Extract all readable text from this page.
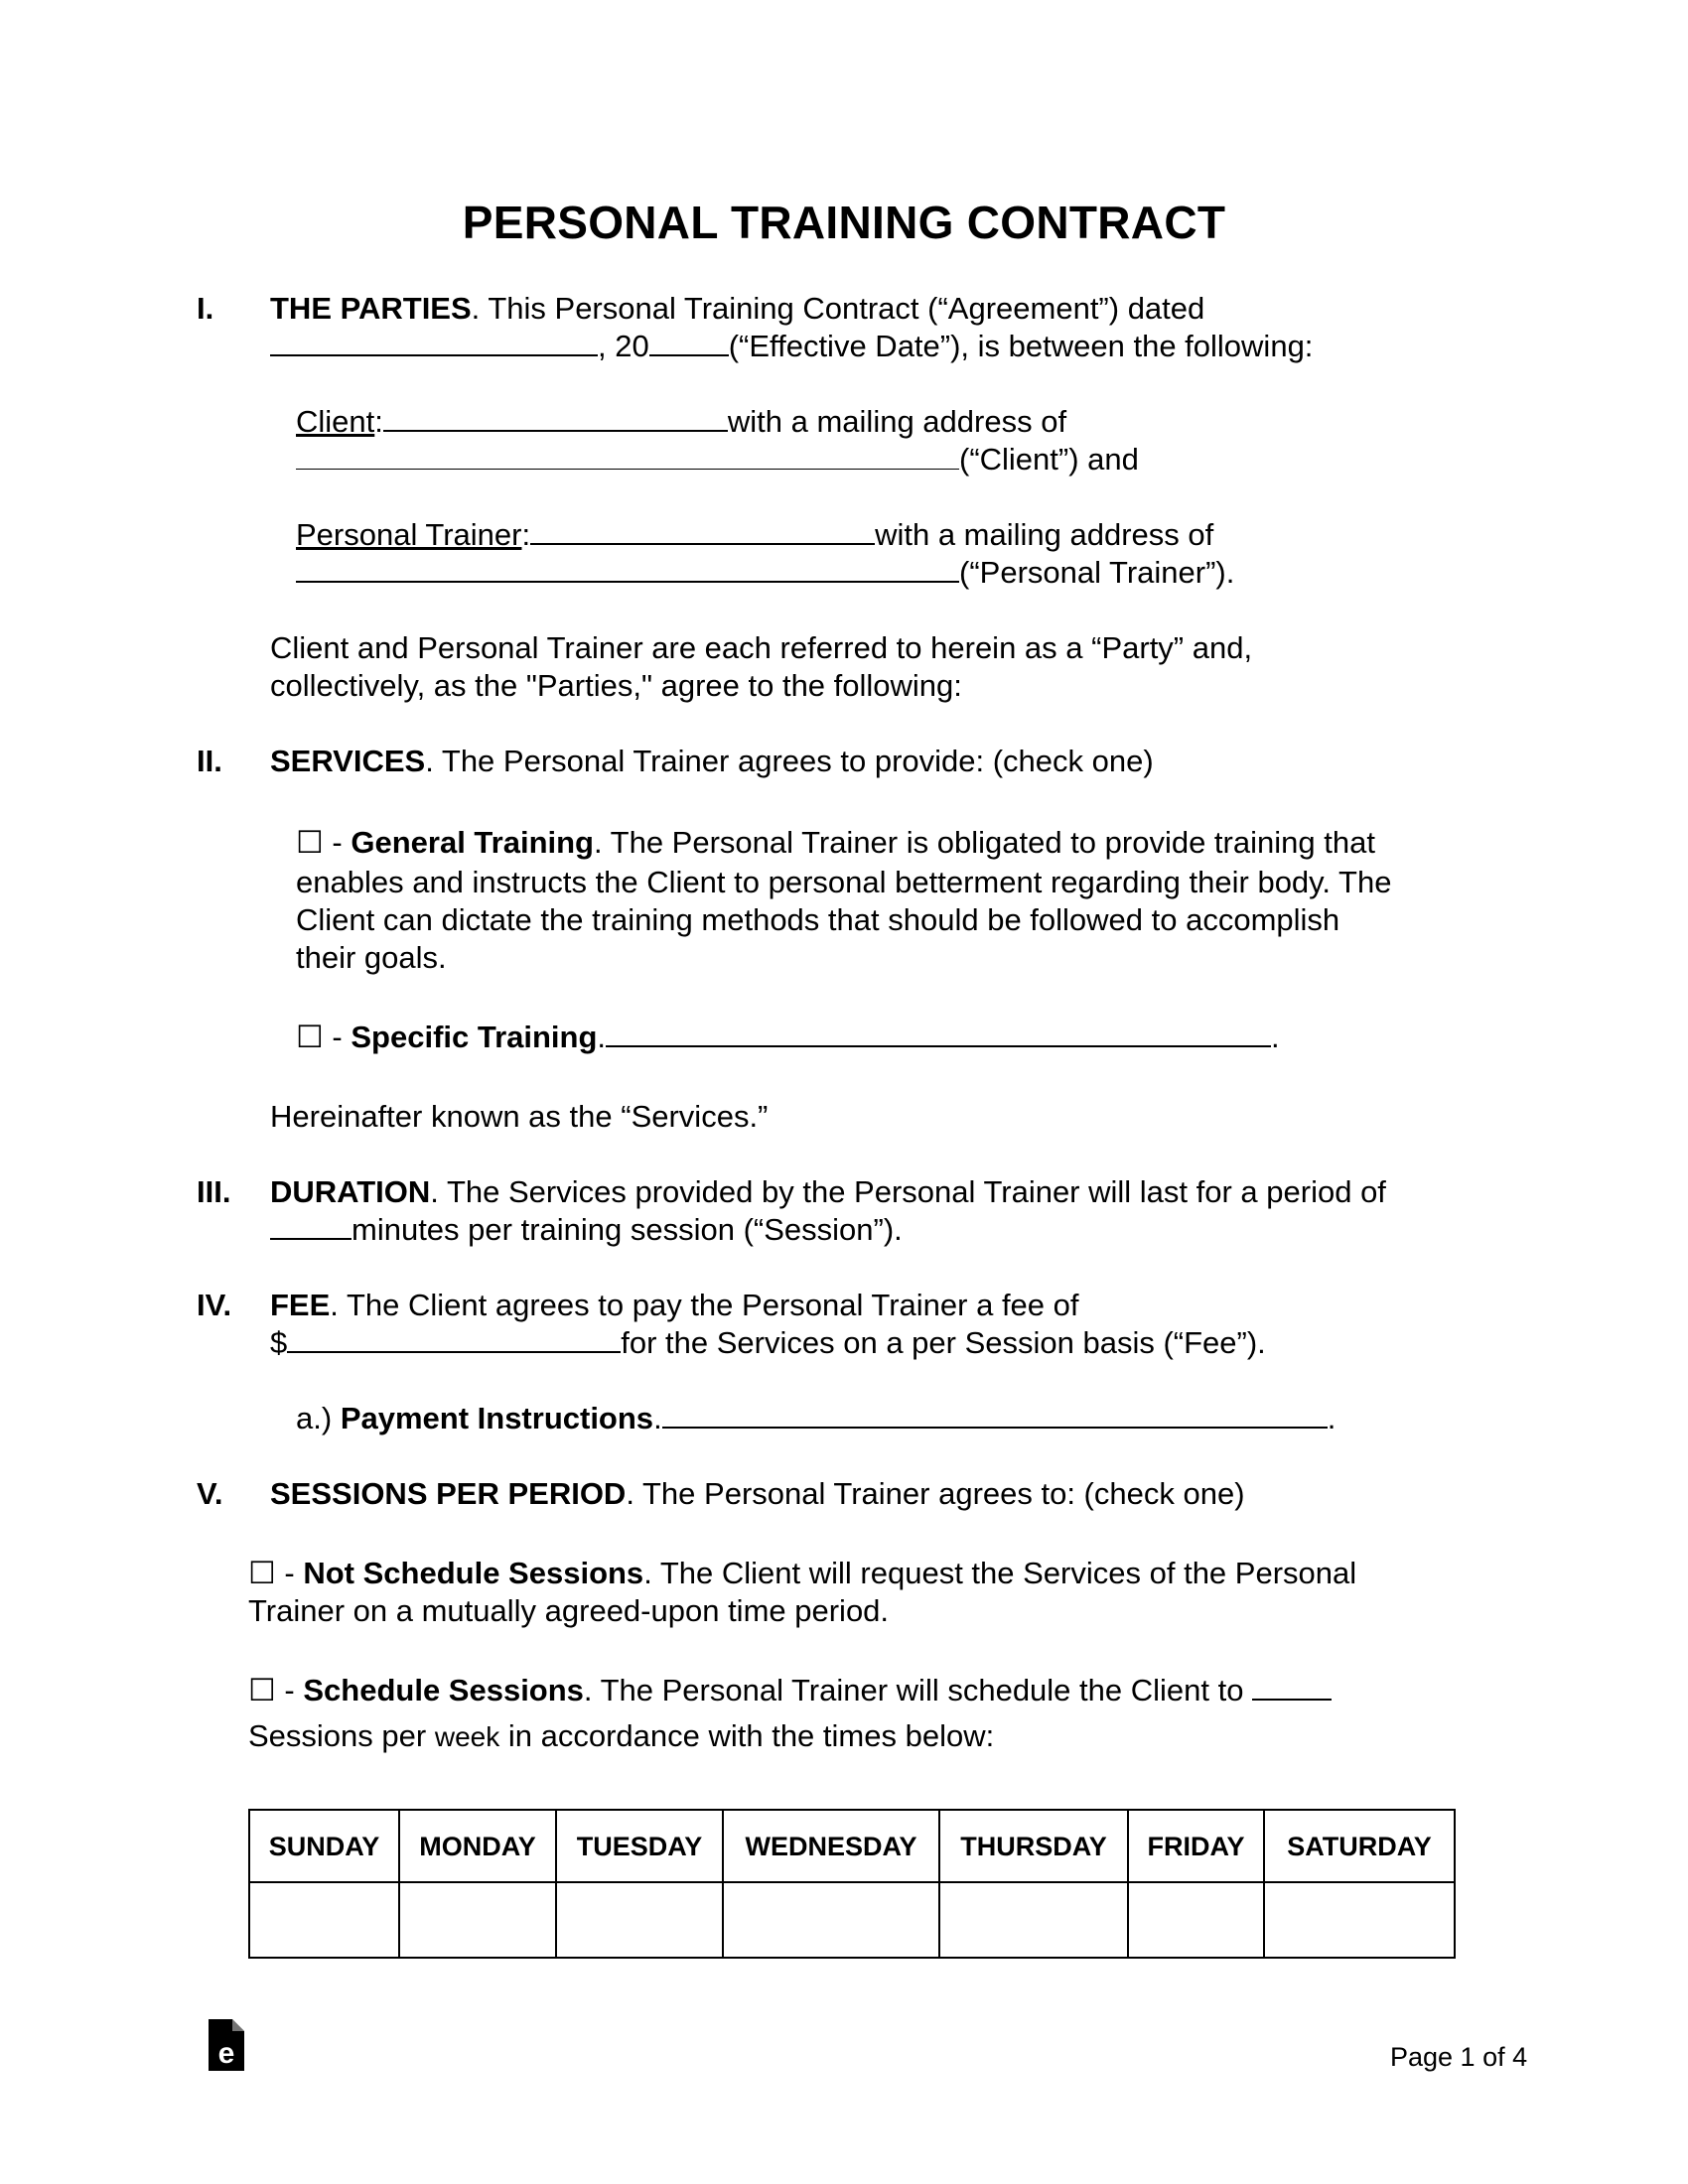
PERSONAL TRAINING CONTRACT
I. THE PARTIES. This Personal Training Contract (“Agreement”) dated
, 20	(“Effective Date”), is between the following:
Client:	with a mailing address of
(“Client”) and
Personal Trainer:	with a mailing address of
(“Personal Trainer”).
Client and Personal Trainer are each referred to herein as a “Party” and,
collectively, as the "Parties," agree to the following:
II. SERVICES. The Personal Trainer agrees to provide: (check one)
☐ - General Training. The Personal Trainer is obligated to provide training that
enables and instructs the Client to personal betterment regarding their body. The
Client can dictate the training methods that should be followed to accomplish
their goals.
☐ - Specific Training.	.
Hereinafter known as the “Services.”
III. DURATION. The Services provided by the Personal Trainer will last for a period of
minutes per training session (“Session”).
IV. FEE. The Client agrees to pay the Personal Trainer a fee of
$	for the Services on a per Session basis (“Fee”).
a.) Payment Instructions.	.
V. SESSIONS PER PERIOD. The Personal Trainer agrees to: (check one)
☐ - Not Schedule Sessions. The Client will request the Services of the Personal
Trainer on a mutually agreed-upon time period.
☐ - Schedule Sessions. The Personal Trainer will schedule the Client to
Sessions per week in accordance with the times below:
SUNDAY	MONDAY	TUESDAY	WEDNESDAY	THURSDAY	FRIDAY	SATURDAY

e	Page 1 of 4
